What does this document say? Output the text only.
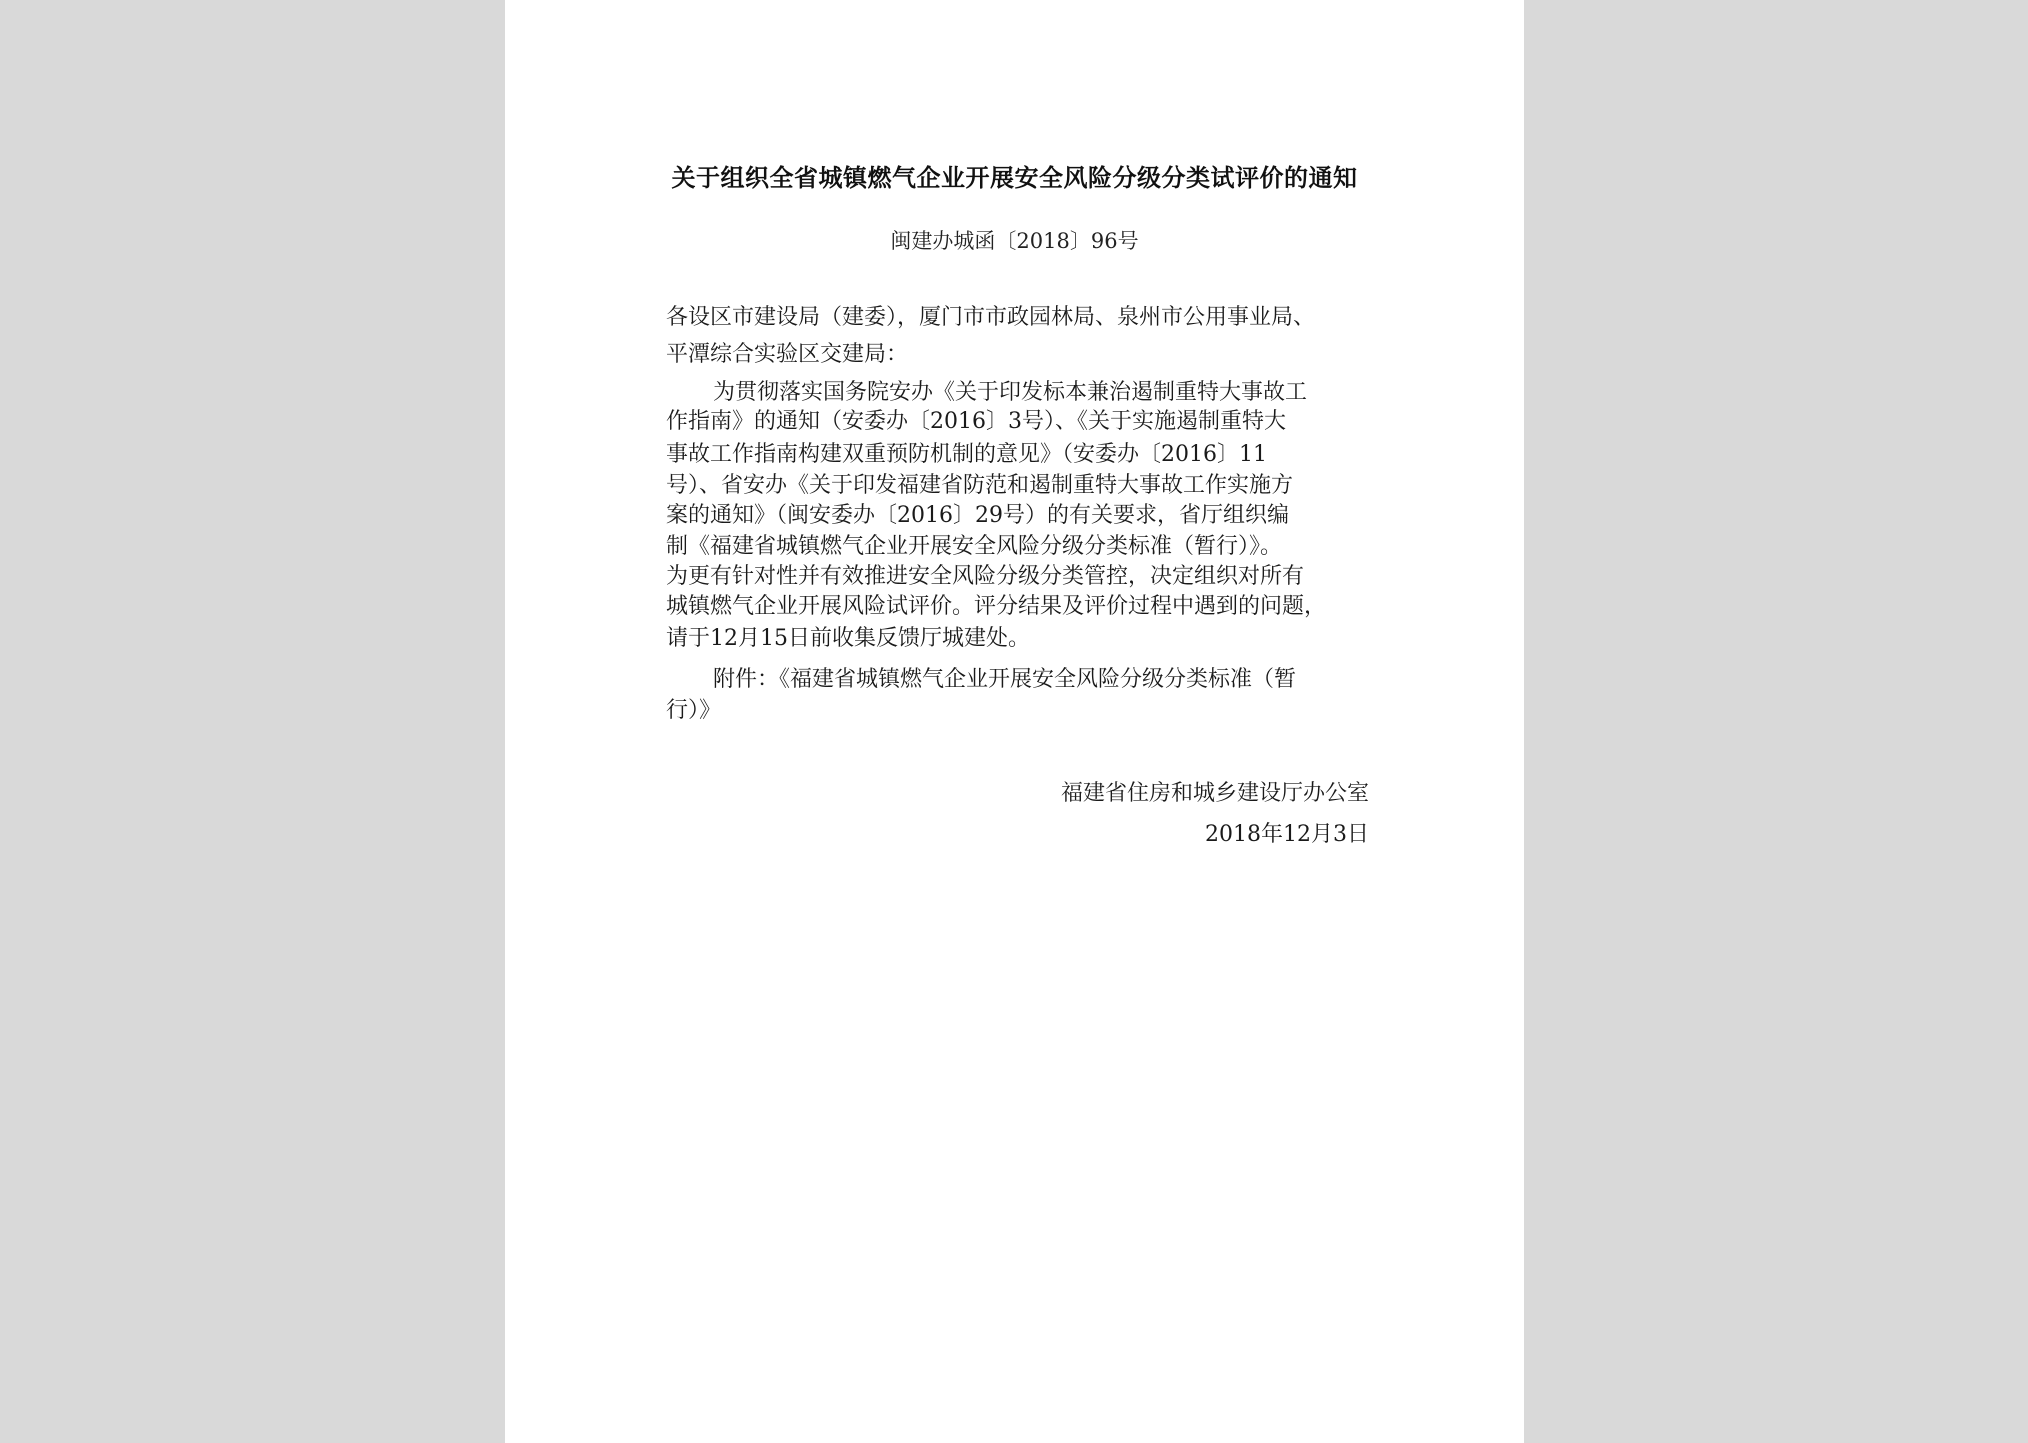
关于组织全省城镇燃气企业开展安全风险分级分类试评价的通知
闽建办城函〔2018〕96号
各设区市建设局（建委），厦门市市政园林局、泉州市公用事业局、
平潭综合实验区交建局：
为贯彻落实国务院安办《关于印发标本兼治遏制重特大事故工
作指南》的通知（安委办〔2016〕3号）、《关于实施遏制重特大
事故工作指南构建双重预防机制的意见》（安委办〔2016〕11
号）、省安办《关于印发福建省防范和遏制重特大事故工作实施方
案的通知》（闽安委办〔2016〕29号）的有关要求，省厅组织编
制《福建省城镇燃气企业开展安全风险分级分类标准（暂行）》。
为更有针对性并有效推进安全风险分级分类管控，决定组织对所有
城镇燃气企业开展风险试评价。评分结果及评价过程中遇到的问题，
请于12月15日前收集反馈厅城建处。
附件：《福建省城镇燃气企业开展安全风险分级分类标准（暂
行）》
福建省住房和城乡建设厅办公室
2018年12月3日
